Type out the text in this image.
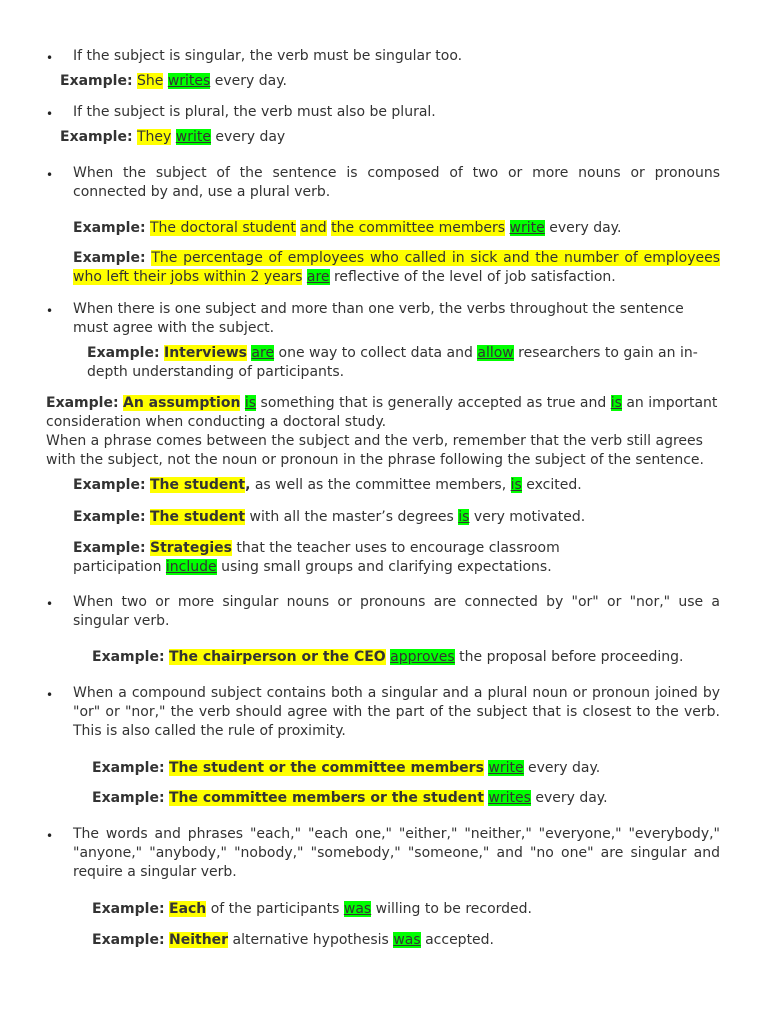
• If the subject is singular, the verb must be singular too.
Example: She writes every day.
• If the subject is plural, the verb must also be plural.
Example: They write every day
• When the subject of the sentence is composed of two or more nouns or pronouns connected by and, use a plural verb.
Example: The doctoral student and the committee members write every day.
Example: The percentage of employees who called in sick and the number of employees who left their jobs within 2 years are reflective of the level of job satisfaction.
• When there is one subject and more than one verb, the verbs throughout the sentence must agree with the subject.
Example: Interviews are one way to collect data and allow researchers to gain an in-depth understanding of participants.
Example: An assumption is something that is generally accepted as true and is an important consideration when conducting a doctoral study.
When a phrase comes between the subject and the verb, remember that the verb still agrees with the subject, not the noun or pronoun in the phrase following the subject of the sentence.
Example: The student, as well as the committee members, is excited.
Example: The student with all the master’s degrees is very motivated.
Example: Strategies that the teacher uses to encourage classroom participation include using small groups and clarifying expectations.
• When two or more singular nouns or pronouns are connected by "or" or "nor," use a singular verb.
Example: The chairperson or the CEO approves the proposal before proceeding.
• When a compound subject contains both a singular and a plural noun or pronoun joined by "or" or "nor," the verb should agree with the part of the subject that is closest to the verb. This is also called the rule of proximity.
Example: The student or the committee members write every day.
Example: The committee members or the student writes every day.
• The words and phrases "each," "each one," "either," "neither," "everyone," "everybody," "anyone," "anybody," "nobody," "somebody," "someone," and "no one" are singular and require a singular verb.
Example: Each of the participants was willing to be recorded.
Example: Neither alternative hypothesis was accepted.
